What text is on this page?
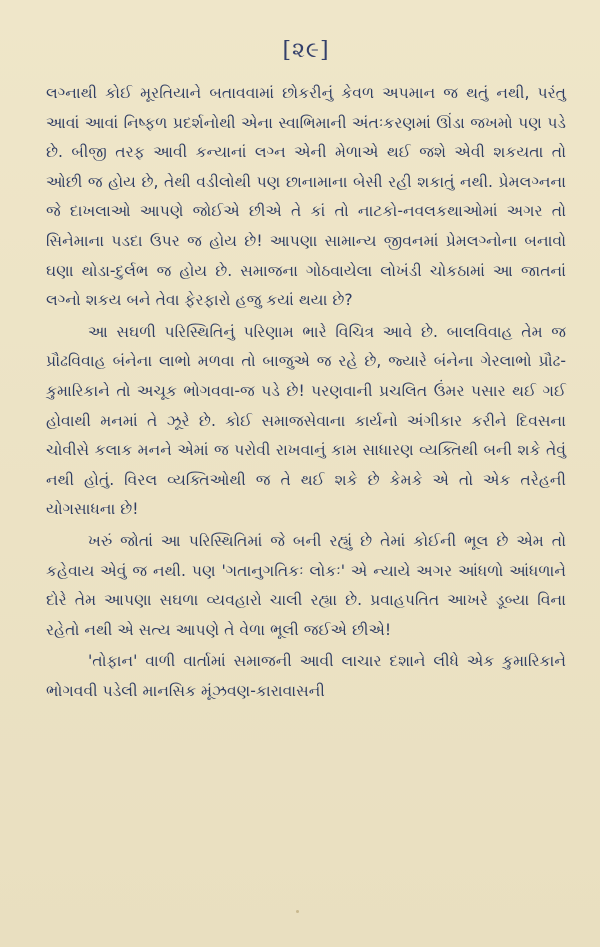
[૨૯]

લગ્નાથી કોઈ મૂરતિયાને બતાવવામાં છોકરીનું કેવળ અપમાન જ થતું નથી, પરંતુ આવાં આવાં નિષ્ફળ પ્રદર્શનોથી એના સ્વાભિમાની અંતઃકરણમાં ઊંડા જખમો પણ પડે છે. બીજી તરફ આવી કન્યાનાં લગ્ન એની મેળાએ થઈ જશે એવી શકયતા તો ઓછી જ હોય છે, તેથી વડીલોથી પણ છાનામાના બેસી રહી શકાતું નથી. પ્રેમલગ્નના જે દાખલાઓ આપણે જોઈએ છીએ તે કાં તો નાટકો-નવલકથાઓમાં અગર તો સિનેમાના પડદા ઉપર જ હોય છે! આપણા સામાન્ય જીવનમાં પ્રેમલગ્નોના બનાવો ઘણા થોડા-દુર્લભ જ હોય છે. સમાજના ગોઠવાયેલા લોખંડી ચોકઠામાં આ જાતનાં લગ્નો શકય બને તેવા ફેરફારો હજુ કયાં થયા છે?

આ સઘળી પરિસ્થિતિનું પરિણામ ભારે વિચિત્ર આવે છે. બાલવિવાહ તેમ જ પ્રૌઢવિવાહ બંનેના લાભો મળવા તો બાજુએ જ રહે છે, જ્યારે બંનેના ગેરલાભો પ્રૌઢ-કુમારિકાને તો અચૂક ભોગવવા-જ પડે છે! પરણવાની પ્રચલિત ઉંમર પસાર થઈ ગઈ હોવાથી મનમાં તે ઝૂરે છે. કોઈ સમાજસેવાના કાર્યનો અંગીકાર કરીને દિવસના ચોવીસે કલાક મનને એમાં જ પરોવી રાખવાનું કામ સાધારણ વ્યક્તિથી બની શકે તેવું નથી હોતું. વિરલ વ્યક્તિઓથી જ તે થઈ શકે છે કેમકે એ તો એક તરેહની યોગસાધના છે!

ખરું જોતાં આ પરિસ્થિતિમાં જે બની રહ્યું છે તેમાં કોઈની ભૂલ છે એમ તો કહેવાય એવું જ નથી. પણ 'ગતાનુગતિકઃ લોકઃ' એ ન્યાયે અગર આંધળો આંધળાને દોરે તેમ આપણા સઘળા વ્યવહારો ચાલી રહ્યા છે. પ્રવાહપતિત આખરે ડૂબ્યા વિના રહેતો નથી એ સત્ય આપણે તે વેળા ભૂલી જઈએ છીએ!

'તોફાન' વાળી વાર્તામાં સમાજની આવી લાચાર દશાને લીધે એક કુમારિકાને ભોગવવી પડેલી માનસિક મૂંઝવણ-કારાવાસની
